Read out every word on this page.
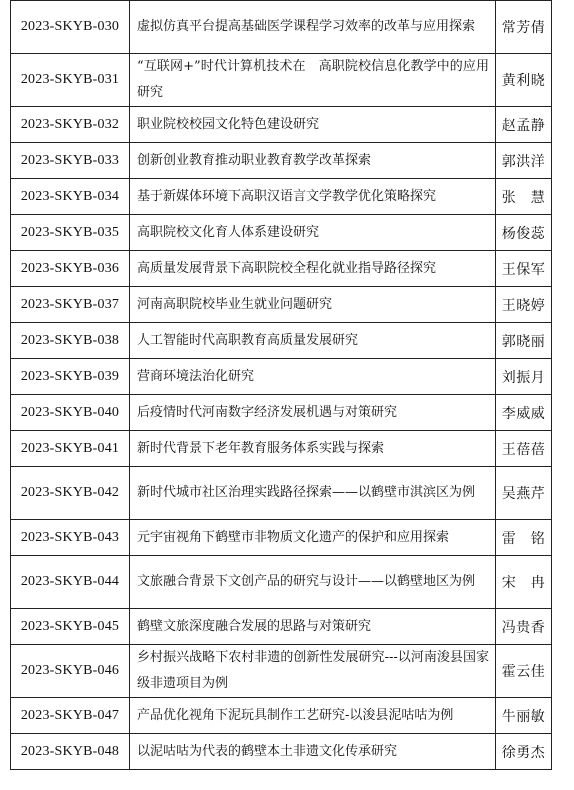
2023-SKYB-030	虚拟仿真平台提高基础医学课程学习效率的改革与应用探索	常芳倩
2023-SKYB-031	“互联网+”时代计算机技术在　高职院校信息化教学中的应用研究	黄利晓
2023-SKYB-032	职业院校校园文化特色建设研究	赵孟静
2023-SKYB-033	创新创业教育推动职业教育教学改革探索	郭洪洋
2023-SKYB-034	基于新媒体环境下高职汉语言文学教学优化策略探究	张　慧
2023-SKYB-035	高职院校文化育人体系建设研究	杨俊蕊
2023-SKYB-036	高质量发展背景下高职院校全程化就业指导路径探究	王保军
2023-SKYB-037	河南高职院校毕业生就业问题研究	王晓婷
2023-SKYB-038	人工智能时代高职教育高质量发展研究	郭晓丽
2023-SKYB-039	营商环境法治化研究	刘振月
2023-SKYB-040	后疫情时代河南数字经济发展机遇与对策研究	李威威
2023-SKYB-041	新时代背景下老年教育服务体系实践与探索	王蓓蓓
2023-SKYB-042	新时代城市社区治理实践路径探索——以鹤壁市淇滨区为例	吴燕芹
2023-SKYB-043	元宇宙视角下鹤壁市非物质文化遗产的保护和应用探索	雷　铭
2023-SKYB-044	文旅融合背景下文创产品的研究与设计——以鹤壁地区为例	宋　冉
2023-SKYB-045	鹤壁文旅深度融合发展的思路与对策研究	冯贵香
2023-SKYB-046	乡村振兴战略下农村非遗的创新性发展研究---以河南浚县国家级非遗项目为例	霍云佳
2023-SKYB-047	产品优化视角下泥玩具制作工艺研究-以浚县泥咕咕为例	牛丽敏
2023-SKYB-048	以泥咕咕为代表的鹤壁本土非遗文化传承研究	徐勇杰
